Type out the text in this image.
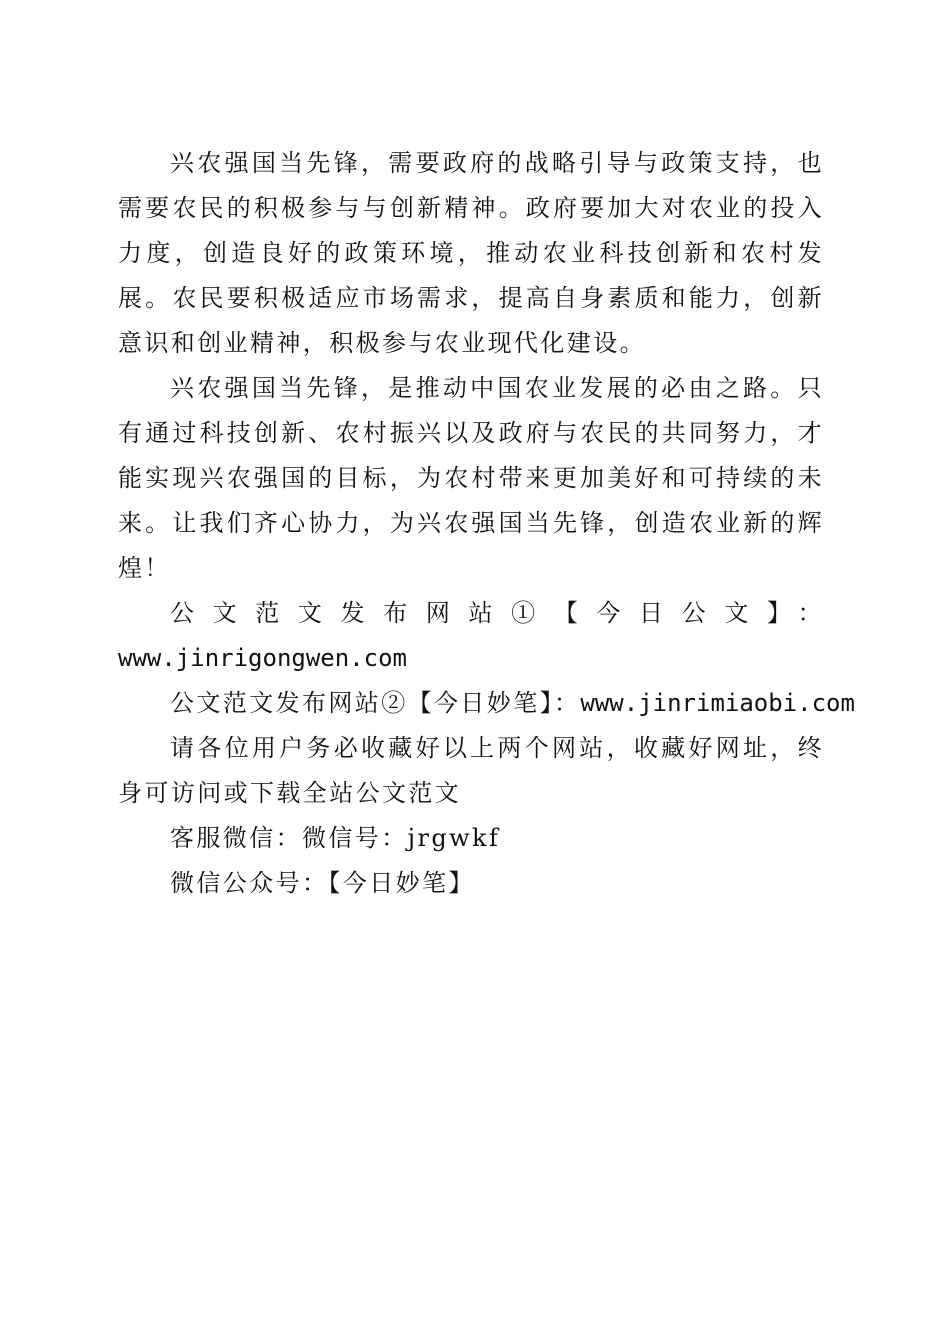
兴农强国当先锋，需要政府的战略引导与政策支持，也需要农民的积极参与与创新精神。政府要加大对农业的投入力度，创造良好的政策环境，推动农业科技创新和农村发展。农民要积极适应市场需求，提高自身素质和能力，创新意识和创业精神，积极参与农业现代化建设。

兴农强国当先锋，是推动中国农业发展的必由之路。只有通过科技创新、农村振兴以及政府与农民的共同努力，才能实现兴农强国的目标，为农村带来更加美好和可持续的未来。让我们齐心协力，为兴农强国当先锋，创造农业新的辉煌！

公文范文发布网站①【今日公文】：

www.jinrigongwen.com
公文范文发布网站②【今日妙笔】：www.jinrimiaobi.com

请各位用户务必收藏好以上两个网站，收藏好网址，终身可访问或下载全站公文范文

客服微信：微信号：jrgwkf
微信公众号：【今日妙笔】
